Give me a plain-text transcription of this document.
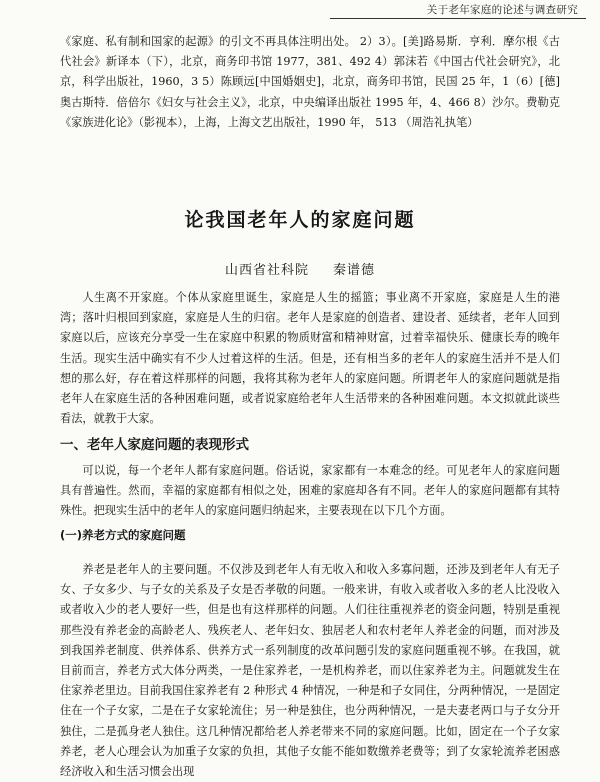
关于老年家庭的论述与调查研究
《家庭、私有制和国家的起源》的引文不再具体注明出处。 2）3）。[美]路易斯．亨利．摩尔根《古代社会》新译本（下），北京，商务印书馆 1977，381、492 4）郭沫若《中国古代社会研究》，北京，科学出版社，1960，3 5）陈顾远[中国婚姻史]，北京，商务印书馆，民国 25 年，1（6）[德]奥古斯特．倍倍尔《妇女与社会主义》，北京，中央编译出版社 1995 年，4、466 8）沙尔。费勒克《家族进化论》（影视本），上海，上海文艺出版社，1990 年， 513 （周浩礼执笔）
论我国老年人的家庭问题
山西省社科院 秦谱德

人生离不开家庭。个体从家庭里诞生，家庭是人生的摇篮；事业离不开家庭，家庭是人生的港湾；落叶归根回到家庭，家庭是人生的归宿。老年人是家庭的创造者、建设者、延续者，老年人回到家庭以后，应该充分享受一生在家庭中积累的物质财富和精神财富，过着幸福快乐、健康长寿的晚年生活。现实生活中确实有不少人过着这样的生活。但是，还有相当多的老年人的家庭生活并不是人们想的那么好，存在着这样那样的问题，我将其称为老年人的家庭问题。所谓老年人的家庭问题就是指老年人在家庭生活的各种困难问题，或者说家庭给老年人生活带来的各种困难问题。本文拟就此谈些看法，就教于大家。

一、老年人家庭问题的表现形式

可以说，每一个老年人都有家庭问题。俗话说，家家都有一本难念的经。可见老年人的家庭问题具有普遍性。然而，幸福的家庭都有相似之处，困难的家庭却各有不同。老年人的家庭问题都有其特殊性。把现实生活中的老年人的家庭问题归纳起来，主要表现在以下几个方面。

(一)养老方式的家庭问题

养老是老年人的主要问题。不仅涉及到老年人有无收入和收入多寡问题，还涉及到老年人有无子女、子女多少、与子女的关系及子女是否孝敬的问题。一般来讲，有收入或者收入多的老人比没收入或者收入少的老人要好一些，但是也有这样那样的问题。人们往往重视养老的资金问题，特别是重视那些没有养老金的高龄老人、残疾老人、老年妇女、独居老人和农村老年人养老金的问题，而对涉及到我国养老制度、供养体系、供养方式一系列制度的改革问题引发的家庭问题重视不够。在我国，就目前而言，养老方式大体分两类，一是住家养老，一是机构养老，而以住家养老为主。问题就发生在住家养老里边。目前我国住家养老有 2 种形式 4 种情况，一种是和子女同住，分两种情况，一是固定住在一个子女家，二是在子女家轮流住；另一种是独住，也分两种情况，一是夫妻老两口与子女分开独住，二是孤身老人独住。这几种情况都给老人养老带来不同的家庭问题。比如，固定在一个子女家养老，老人心理会认为加重子女家的负担，其他子女能不能如数缴养老费等；到了女家轮流养老困惑经济收入和生活习惯会出现
